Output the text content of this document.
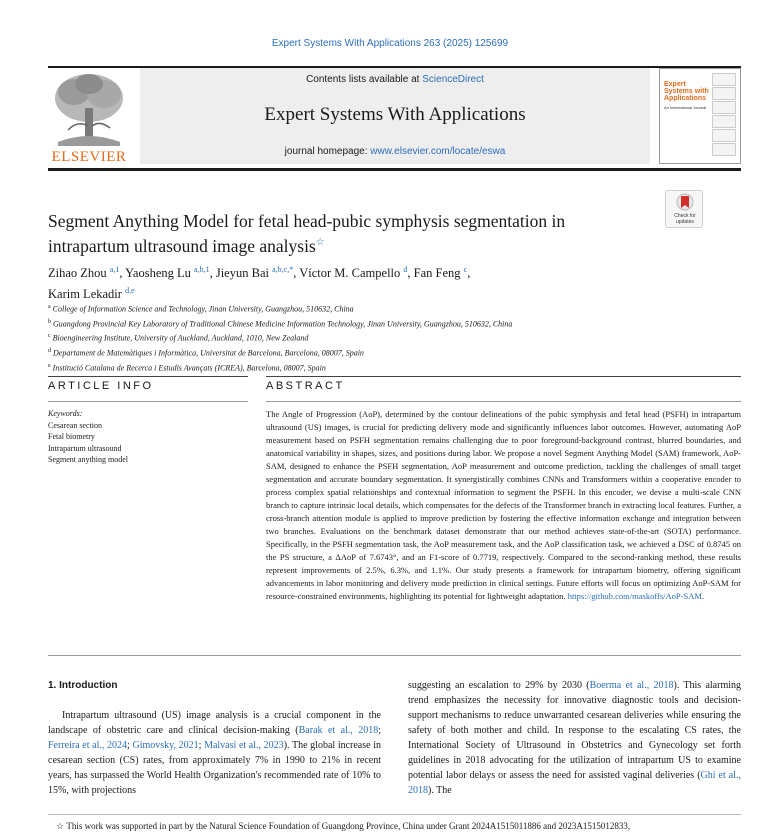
Expert Systems With Applications 263 (2025) 125699
ELSEVIER
Contents lists available at ScienceDirect
Expert Systems With Applications
journal homepage: www.elsevier.com/locate/eswa
Expert Systems with Applications
An International Journal
Check for updates
Segment Anything Model for fetal head-pubic symphysis segmentation in intrapartum ultrasound image analysis☆
Zihao Zhou $^{a,1}$, Yaosheng Lu $^{a,b,1}$, Jieyun Bai $^{a,b,c,*}$, Víctor M. Campello $^d$, Fan Feng $^c$,
Karim Lekadir $^{d,e}$
$^a$ College of Information Science and Technology, Jinan University, Guangzhou, 510632, China
$^b$ Guangdong Provincial Key Laboratory of Traditional Chinese Medicine Information Technology, Jinan University, Guangzhou, 510632, China
$^c$ Bioengineering Institute, University of Auckland, Auckland, 1010, New Zealand
$^d$ Departament de Matemàtiques i Informàtica, Universitat de Barcelona, Barcelona, 08007, Spain
$^e$ Institució Catalana de Recerca i Estudis Avançats (ICREA), Barcelona, 08007, Spain
ARTICLE INFO	ABSTRACT
Keywords:
Cesarean section
Fetal biometry
Intrapartum ultrasound
Segment anything model
The Angle of Progression (AoP), determined by the contour delineations of the pubic symphysis and fetal head (PSFH) in intrapartum ultrasound (US) images, is crucial for predicting delivery mode and significantly influences labor outcomes. However, automating AoP measurement based on PSFH segmentation remains challenging due to poor foreground-background contrast, blurred boundaries, and anatomical variability in shapes, sizes, and positions during labor. We propose a novel Segment Anything Model (SAM) framework, AoP-SAM, designed to enhance the PSFH segmentation, AoP measurement and outcome prediction, tackling the challenges of small target segmentation and accurate boundary segmentation. It synergistically combines CNNs and Transformers within a cooperative encoder to process complex spatial relationships and contextual information to segment the PSFH. In this encoder, we devise a multi-scale CNN branch to capture intrinsic local details, which compensates for the defects of the Transformer branch in extracting local features. Further, a cross-branch attention module is applied to improve prediction by fostering the effective information exchange and integration between two branches. Evaluations on the benchmark dataset demonstrate that our method achieves state-of-the-art (SOTA) performance. Specifically, in the PSFH segmentation task, the AoP measurement task, and the AoP classification task, we achieved a DSC of 0.8745 on the PS structure, a ΔAoP of 7.6743°, and an F1-score of 0.7719, respectively. Compared to the second-ranking method, these results represent improvements of 2.5%, 6.3%, and 1.1%. Our study presents a framework for intrapartum biometry, offering significant advancements in labor monitoring and delivery mode prediction in clinical settings. Future efforts will focus on optimizing AoP-SAM for resource-constrained environments, highlighting its potential for lightweight adaptation. https://github.com/maskoffs/AoP-SAM.
1. Introduction

Intrapartum ultrasound (US) image analysis is a crucial component in the landscape of obstetric care and clinical decision-making (Barak et al., 2018; Ferreira et al., 2024; Gimovsky, 2021; Malvasi et al., 2023). The global increase in cesarean section (CS) rates, from approximately 7% in 1990 to 21% in recent years, has surpassed the World Health Organization's recommended rate of 10% to 15%, with projections

suggesting an escalation to 29% by 2030 (Boerma et al., 2018). This alarming trend emphasizes the necessity for innovative diagnostic tools and decision-support mechanisms to reduce unwarranted cesarean deliveries while ensuring the safety of both mother and child. In response to the escalating CS rates, the International Society of Ultrasound in Obstetrics and Gynecology set forth guidelines in 2018 advocating for the utilization of intrapartum US to examine potential labor delays or assess the need for assisted vaginal deliveries (Ghi et al., 2018). The

☆ This work was supported in part by the Natural Science Foundation of Guangdong Province, China under Grant 2024A1515011886 and 2023A1515012833,
